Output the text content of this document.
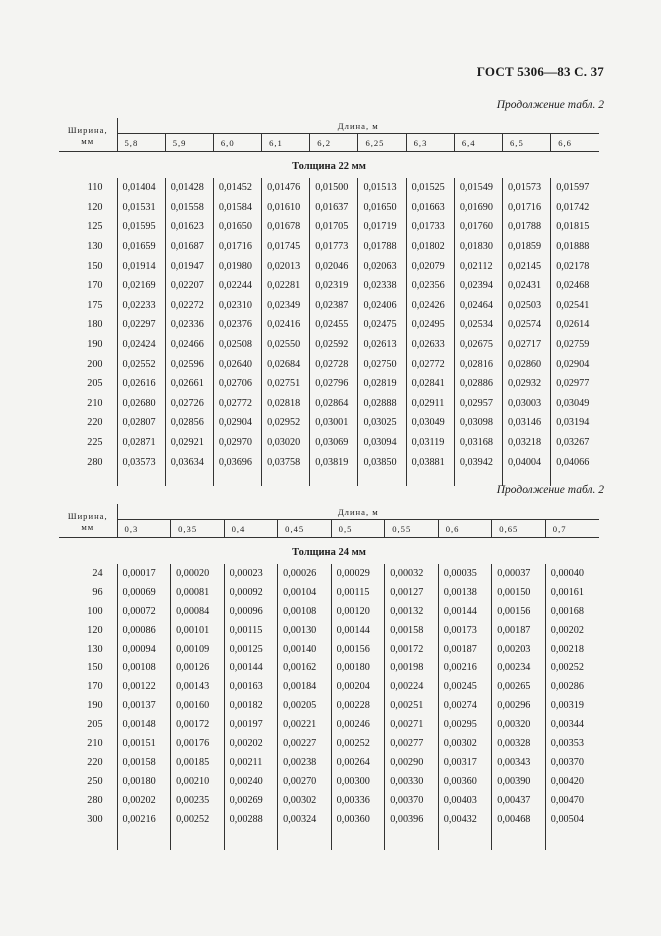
ГОСТ 5306—83 С. 37
Продолжение табл. 2
Ширина,
мм	Длина, м									
	5,8	5,9	6,0	6,1	6,2	6,25	6,3	6,4	6,5	6,6
Толщина 22 мм										
110	0,01404	0,01428	0,01452	0,01476	0,01500	0,01513	0,01525	0,01549	0,01573	0,01597
120	0,01531	0,01558	0,01584	0,01610	0,01637	0,01650	0,01663	0,01690	0,01716	0,01742
125	0,01595	0,01623	0,01650	0,01678	0,01705	0,01719	0,01733	0,01760	0,01788	0,01815
130	0,01659	0,01687	0,01716	0,01745	0,01773	0,01788	0,01802	0,01830	0,01859	0,01888
150	0,01914	0,01947	0,01980	0,02013	0,02046	0,02063	0,02079	0,02112	0,02145	0,02178
170	0,02169	0,02207	0,02244	0,02281	0,02319	0,02338	0,02356	0,02394	0,02431	0,02468
175	0,02233	0,02272	0,02310	0,02349	0,02387	0,02406	0,02426	0,02464	0,02503	0,02541
180	0,02297	0,02336	0,02376	0,02416	0,02455	0,02475	0,02495	0,02534	0,02574	0,02614
190	0,02424	0,02466	0,02508	0,02550	0,02592	0,02613	0,02633	0,02675	0,02717	0,02759
200	0,02552	0,02596	0,02640	0,02684	0,02728	0,02750	0,02772	0,02816	0,02860	0,02904
205	0,02616	0,02661	0,02706	0,02751	0,02796	0,02819	0,02841	0,02886	0,02932	0,02977
210	0,02680	0,02726	0,02772	0,02818	0,02864	0,02888	0,02911	0,02957	0,03003	0,03049
220	0,02807	0,02856	0,02904	0,02952	0,03001	0,03025	0,03049	0,03098	0,03146	0,03194
225	0,02871	0,02921	0,02970	0,03020	0,03069	0,03094	0,03119	0,03168	0,03218	0,03267
280	0,03573	0,03634	0,03696	0,03758	0,03819	0,03850	0,03881	0,03942	0,04004	0,04066

Продолжение табл. 2
Ширина,
мм	Длина, м								
	0,3	0,35	0,4	0,45	0,5	0,55	0,6	0,65	0,7
Толщина 24 мм									
24	0,00017	0,00020	0,00023	0,00026	0,00029	0,00032	0,00035	0,00037	0,00040
96	0,00069	0,00081	0,00092	0,00104	0,00115	0,00127	0,00138	0,00150	0,00161
100	0,00072	0,00084	0,00096	0,00108	0,00120	0,00132	0,00144	0,00156	0,00168
120	0,00086	0,00101	0,00115	0,00130	0,00144	0,00158	0,00173	0,00187	0,00202
130	0,00094	0,00109	0,00125	0,00140	0,00156	0,00172	0,00187	0,00203	0,00218
150	0,00108	0,00126	0,00144	0,00162	0,00180	0,00198	0,00216	0,00234	0,00252
170	0,00122	0,00143	0,00163	0,00184	0,00204	0,00224	0,00245	0,00265	0,00286
190	0,00137	0,00160	0,00182	0,00205	0,00228	0,00251	0,00274	0,00296	0,00319
205	0,00148	0,00172	0,00197	0,00221	0,00246	0,00271	0,00295	0,00320	0,00344
210	0,00151	0,00176	0,00202	0,00227	0,00252	0,00277	0,00302	0,00328	0,00353
220	0,00158	0,00185	0,00211	0,00238	0,00264	0,00290	0,00317	0,00343	0,00370
250	0,00180	0,00210	0,00240	0,00270	0,00300	0,00330	0,00360	0,00390	0,00420
280	0,00202	0,00235	0,00269	0,00302	0,00336	0,00370	0,00403	0,00437	0,00470
300	0,00216	0,00252	0,00288	0,00324	0,00360	0,00396	0,00432	0,00468	0,00504
